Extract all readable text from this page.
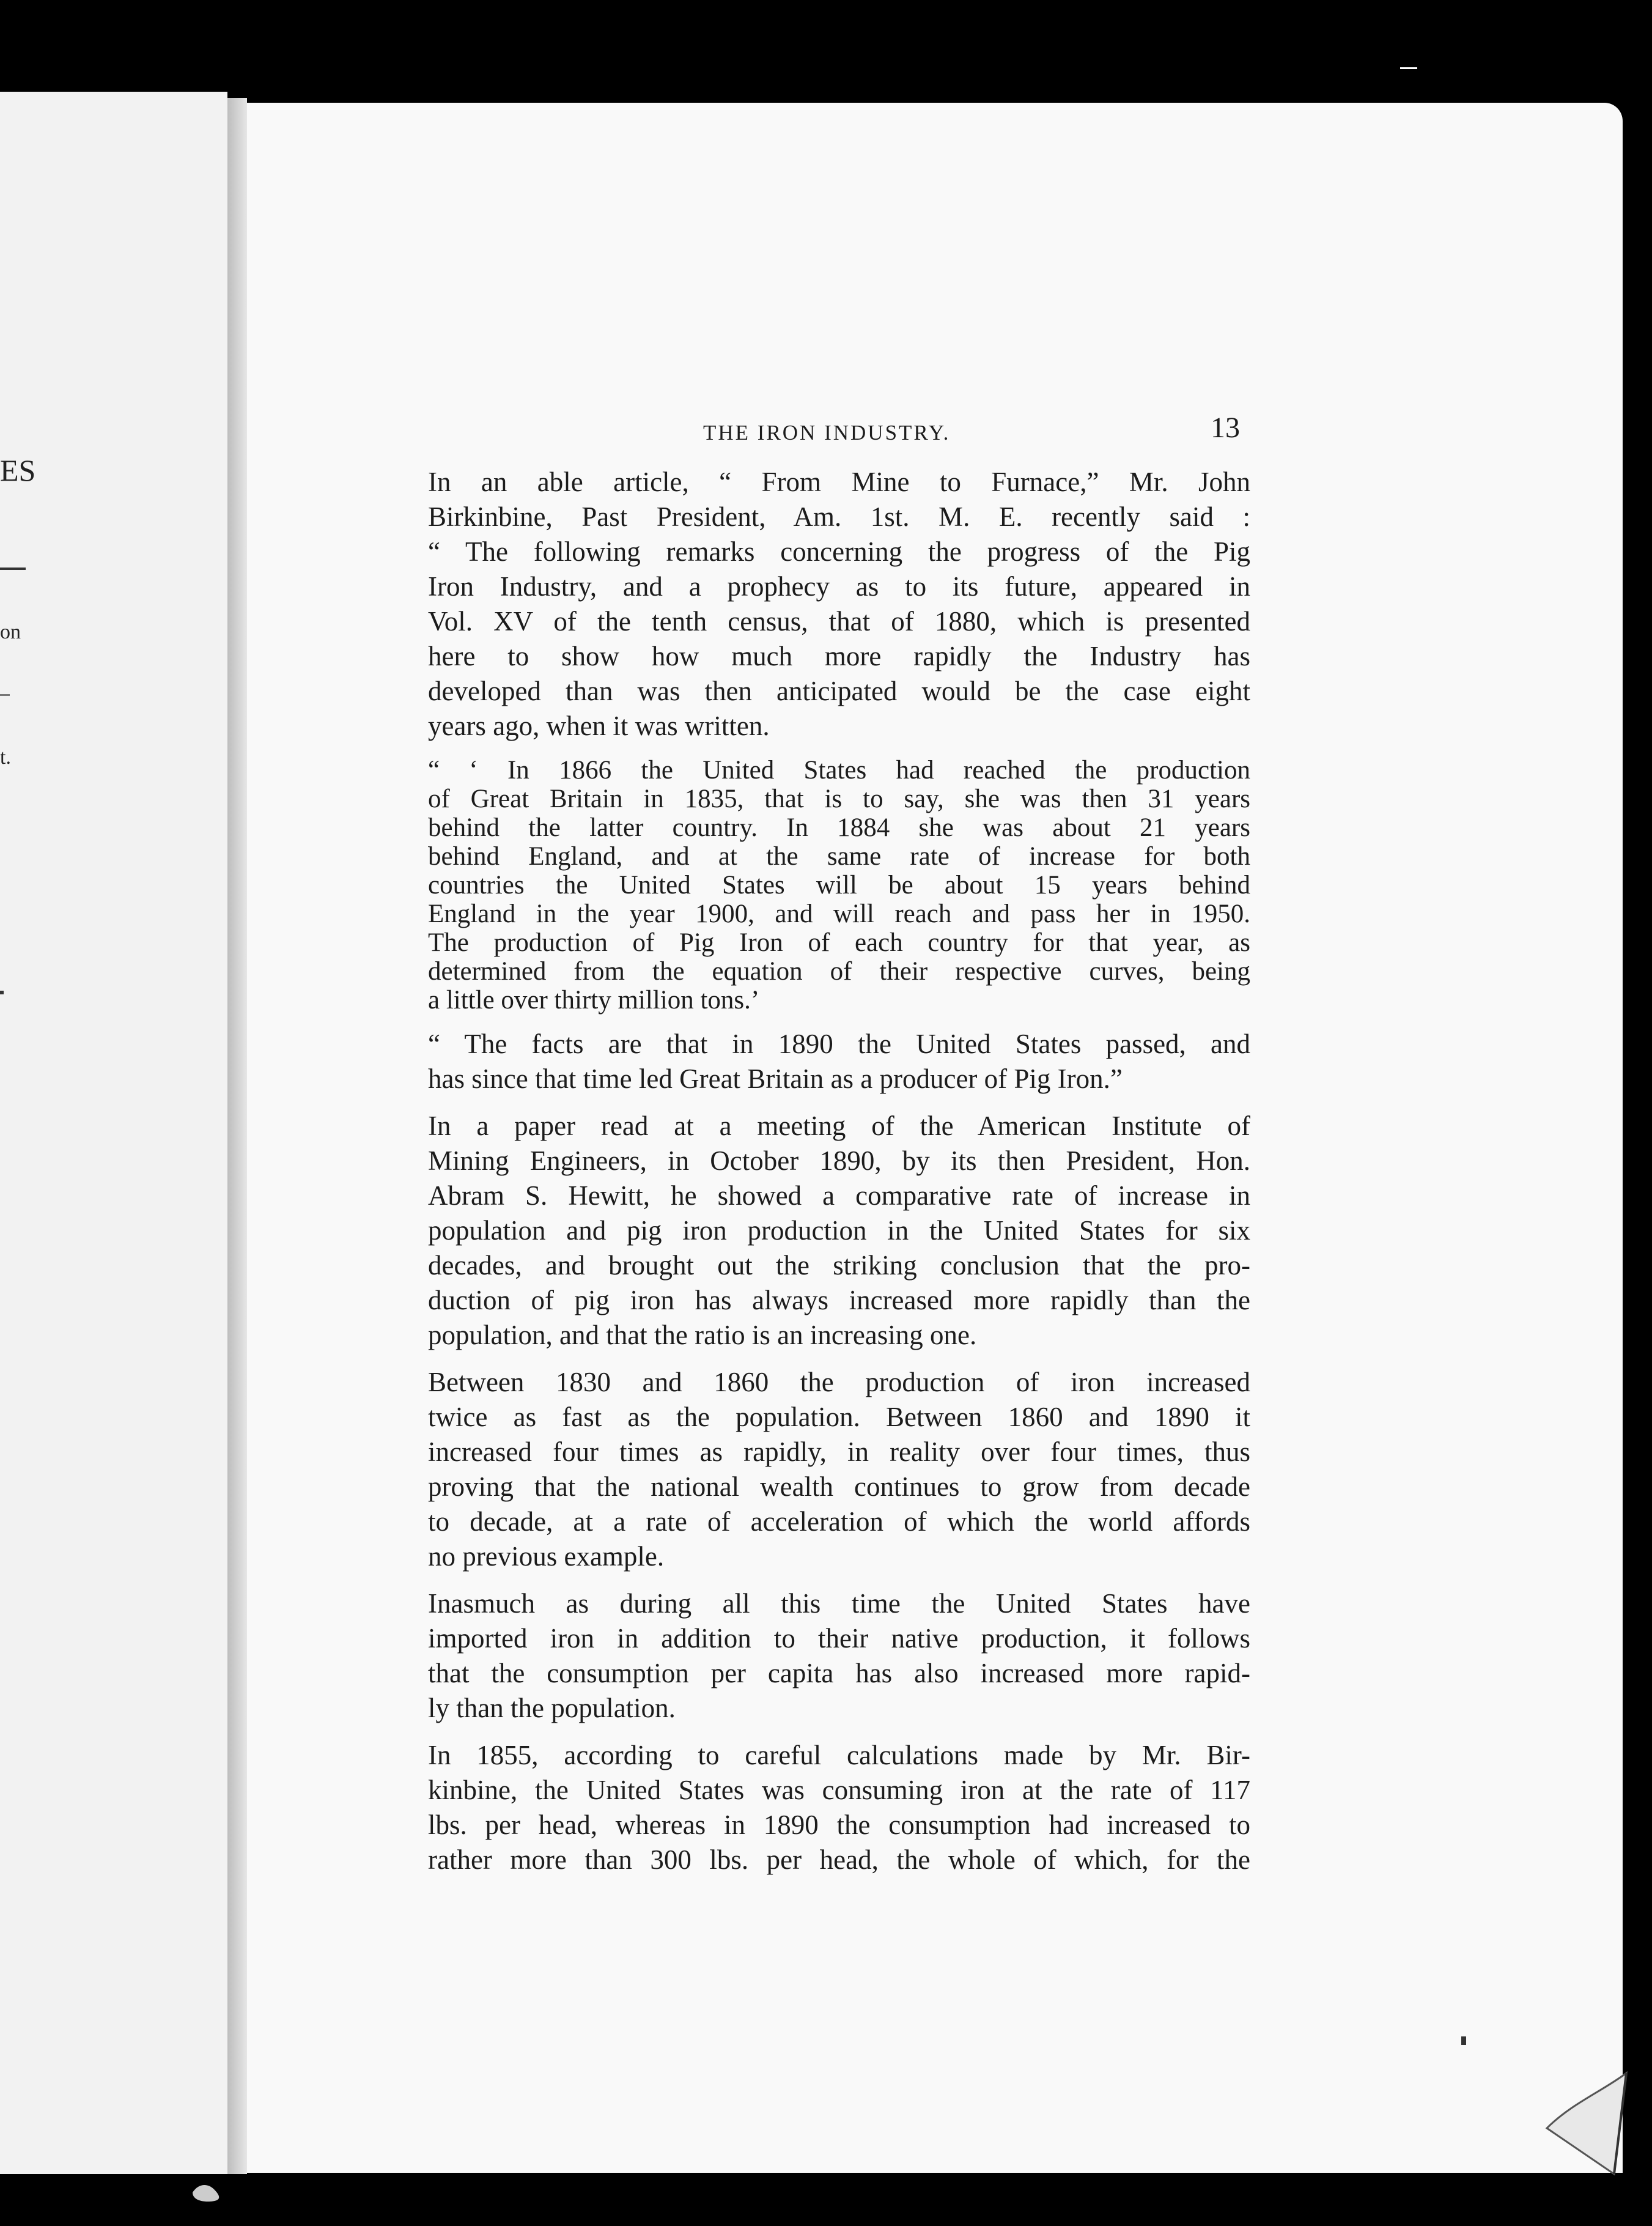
ES
on
t.
THE IRON INDUSTRY.	13

In an able article, “ From Mine to Furnace,” Mr. John
Birkinbine, Past President, Am. 1st. M. E. recently said :
“ The following remarks concerning the progress of the Pig
Iron Industry, and a prophecy as to its future, appeared in
Vol. XV of the tenth census, that of 1880, which is presented
here to show how much more rapidly the Industry has
developed than was then anticipated would be the case eight
years ago, when it was written.

“ ‘ In 1866 the United States had reached the production
of Great Britain in 1835, that is to say, she was then 31 years
behind the latter country. In 1884 she was about 21 years
behind England, and at the same rate of increase for both
countries the United States will be about 15 years behind
England in the year 1900, and will reach and pass her in 1950.
The production of Pig Iron of each country for that year, as
determined from the equation of their respective curves, being
a little over thirty million tons.’

“ The facts are that in 1890 the United States passed, and
has since that time led Great Britain as a producer of Pig Iron.”

In a paper read at a meeting of the American Institute of
Mining Engineers, in October 1890, by its then President, Hon.
Abram S. Hewitt, he showed a comparative rate of increase in
population and pig iron production in the United States for six
decades, and brought out the striking conclusion that the pro-
duction of pig iron has always increased more rapidly than the
population, and that the ratio is an increasing one.

Between 1830 and 1860 the production of iron increased
twice as fast as the population. Between 1860 and 1890 it
increased four times as rapidly, in reality over four times, thus
proving that the national wealth continues to grow from decade
to decade, at a rate of acceleration of which the world affords
no previous example.

Inasmuch as during all this time the United States have
imported iron in addition to their native production, it follows
that the consumption per capita has also increased more rapid-
ly than the population.

In 1855, according to careful calculations made by Mr. Bir-
kinbine, the United States was consuming iron at the rate of 117
lbs. per head, whereas in 1890 the consumption had increased to
rather more than 300 lbs. per head, the whole of which, for the
